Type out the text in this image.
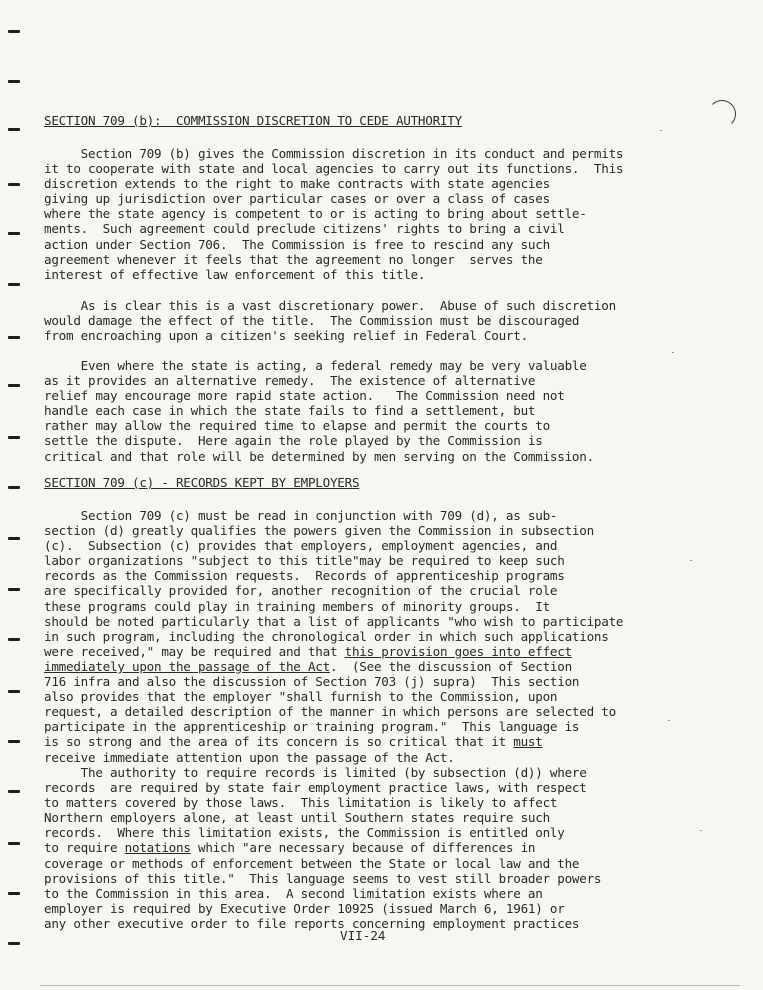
SECTION 709 (b):  COMMISSION DISCRETION TO CEDE AUTHORITY
Section 709 (b) gives the Commission discretion in its conduct and permits
it to cooperate with state and local agencies to carry out its functions.  This
discretion extends to the right to make contracts with state agencies
giving up jurisdiction over particular cases or over a class of cases
where the state agency is competent to or is acting to bring about settle-
ments.  Such agreement could preclude citizens' rights to bring a civil
action under Section 706.  The Commission is free to rescind any such
agreement whenever it feels that the agreement no longer  serves the
interest of effective law enforcement of this title.
As is clear this is a vast discretionary power.  Abuse of such discretion
would damage the effect of the title.  The Commission must be discouraged
from encroaching upon a citizen's seeking relief in Federal Court.
Even where the state is acting, a federal remedy may be very valuable
as it provides an alternative remedy.  The existence of alternative
relief may encourage more rapid state action.   The Commission need not
handle each case in which the state fails to find a settlement, but
rather may allow the required time to elapse and permit the courts to
settle the dispute.  Here again the role played by the Commission is
critical and that role will be determined by men serving on the Commission.
SECTION 709 (c) - RECORDS KEPT BY EMPLOYERS
Section 709 (c) must be read in conjunction with 709 (d), as sub-
section (d) greatly qualifies the powers given the Commission in subsection
(c).  Subsection (c) provides that employers, employment agencies, and
labor organizations "subject to this title"may be required to keep such
records as the Commission requests.  Records of apprenticeship programs
are specifically provided for, another recognition of the crucial role
these programs could play in training members of minority groups.  It
should be noted particularly that a list of applicants "who wish to participate
in such program, including the chronological order in which such applications
were received," may be required and that this provision goes into effect
immediately upon the passage of the Act.  (See the discussion of Section
716 infra and also the discussion of Section 703 (j) supra)  This section
also provides that the employer "shall furnish to the Commission, upon
request, a detailed description of the manner in which persons are selected to
participate in the apprenticeship or training program."  This language is
is so strong and the area of its concern is so critical that it must
receive immediate attention upon the passage of the Act.
The authority to require records is limited (by subsection (d)) where
records  are required by state fair employment practice laws, with respect
to matters covered by those laws.  This limitation is likely to affect
Northern employers alone, at least until Southern states require such
records.  Where this limitation exists, the Commission is entitled only
to require notations which "are necessary because of differences in
coverage or methods of enforcement between the State or local law and the
provisions of this title."  This language seems to vest still broader powers
to the Commission in this area.  A second limitation exists where an
employer is required by Executive Order 10925 (issued March 6, 1961) or
any other executive order to file reports concerning employment practices
VII-24
